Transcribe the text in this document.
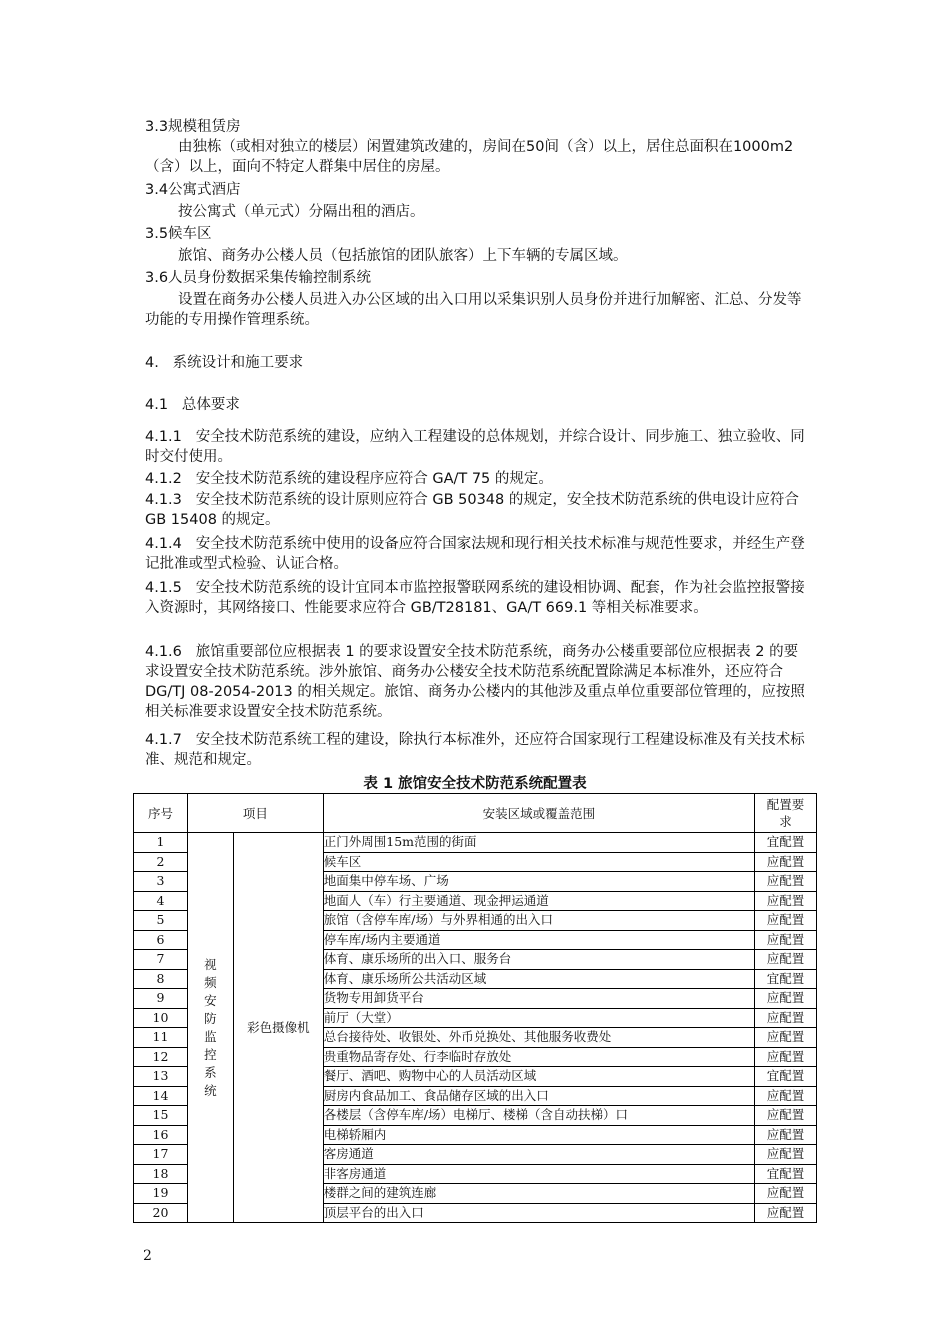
3.3规模租赁房

由独栋（或相对独立的楼层）闲置建筑改建的，房间在50间（含）以上，居住总面积在1000m2（含）以上，面向不特定人群集中居住的房屋。

3.4公寓式酒店

按公寓式（单元式）分隔出租的酒店。

3.5候车区

旅馆、商务办公楼人员（包括旅馆的团队旅客）上下车辆的专属区域。

3.6人员身份数据采集传输控制系统

设置在商务办公楼人员进入办公区域的出入口用以采集识别人员身份并进行加解密、汇总、分发等功能的专用操作管理系统。

4.   系统设计和施工要求

4.1   总体要求

4.1.1   安全技术防范系统的建设，应纳入工程建设的总体规划，并综合设计、同步施工、独立验收、同时交付使用。

4.1.2   安全技术防范系统的建设程序应符合 GA/T 75 的规定。

4.1.3   安全技术防范系统的设计原则应符合 GB 50348 的规定，安全技术防范系统的供电设计应符合 GB 15408 的规定。

4.1.4   安全技术防范系统中使用的设备应符合国家法规和现行相关技术标准与规范性要求，并经生产登记批准或型式检验、认证合格。

4.1.5   安全技术防范系统的设计宜同本市监控报警联网系统的建设相协调、配套，作为社会监控报警接入资源时，其网络接口、性能要求应符合 GB/T28181、GA/T 669.1 等相关标准要求。

4.1.6   旅馆重要部位应根据表 1 的要求设置安全技术防范系统，商务办公楼重要部位应根据表 2 的要求设置安全技术防范系统。涉外旅馆、商务办公楼安全技术防范系统配置除满足本标准外，还应符合 DG/TJ 08-2054-2013 的相关规定。旅馆、商务办公楼内的其他涉及重点单位重要部位管理的，应按照相关标准要求设置安全技术防范系统。

4.1.7   安全技术防范系统工程的建设，除执行本标准外，还应符合国家现行工程建设标准及有关技术标准、规范和规定。

表 1 旅馆安全技术防范系统配置表
序号	项目		安装区域或覆盖范围	配置要求
1	视频安防监控系统	彩色摄像机	正门外周围15m范围的街面	宜配置
2			候车区	应配置
3			地面集中停车场、广场	应配置
4			地面人（车）行主要通道、现金押运通道	应配置
5			旅馆（含停车库/场）与外界相通的出入口	应配置
6			停车库/场内主要通道	应配置
7			体育、康乐场所的出入口、服务台	应配置
8			体育、康乐场所公共活动区域	宜配置
9			货物专用卸货平台	应配置
10			前厅（大堂）	应配置
11			总台接待处、收银处、外币兑换处、其他服务收费处	应配置
12			贵重物品寄存处、行李临时存放处	应配置
13			餐厅、酒吧、购物中心的人员活动区域	宜配置
14			厨房内食品加工、食品储存区域的出入口	应配置
15			各楼层（含停车库/场）电梯厅、楼梯（含自动扶梯）口	应配置
16			电梯轿厢内	应配置
17			客房通道	应配置
18			非客房通道	宜配置
19			楼群之间的建筑连廊	应配置
20			顶层平台的出入口	应配置
2
